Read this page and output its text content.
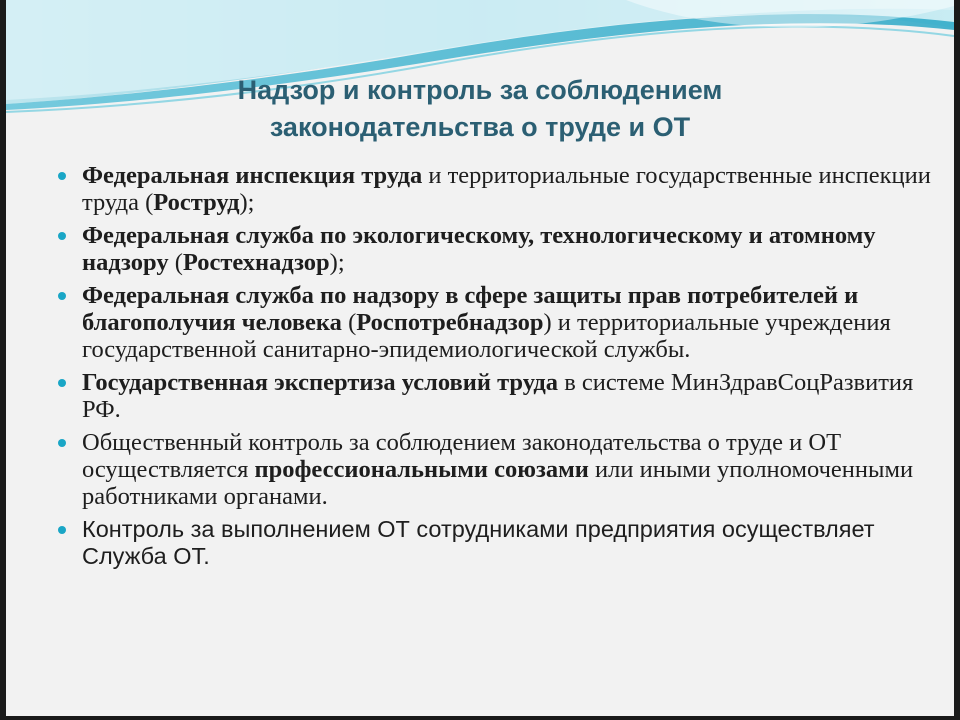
Надзор и контроль за соблюдением
законодательства о труде и ОТ
Федеральная инспекция труда и территориальные государственные инспекции труда (Роструд);
Федеральная служба по экологическому, технологическому и атомному надзору (Ростехнадзор);
Федеральная служба по надзору в сфере защиты прав потребителей и благополучия человека (Роспотребнадзор) и территориальные учреждения государственной санитарно-эпидемиологической службы.
Государственная экспертиза условий труда в системе МинЗдравСоцРазвития РФ.
Общественный контроль за соблюдением законодательства о труде и ОТ осуществляется профессиональными союзами или иными уполномоченными работниками органами.
Контроль за выполнением ОТ сотрудниками предприятия осуществляет Служба ОТ.
